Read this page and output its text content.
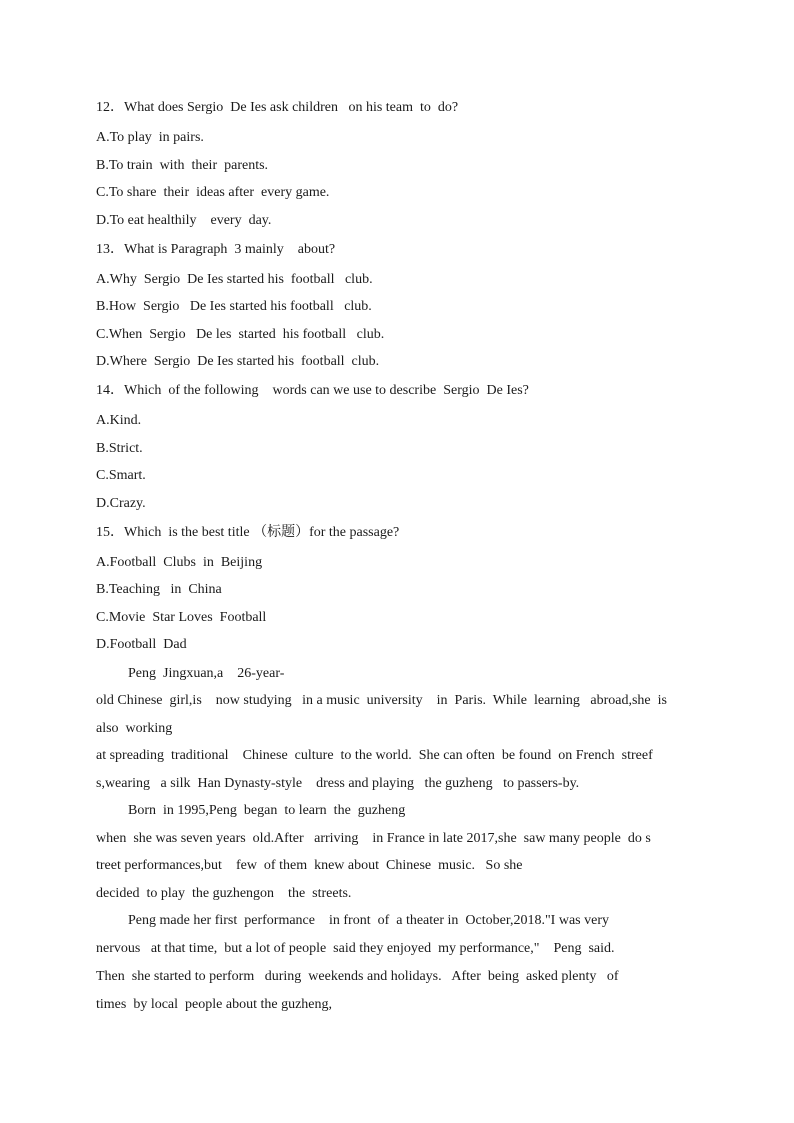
12．What does Sergio  De Ies ask children   on his team  to  do?
A.To play  in pairs.
B.To train  with  their  parents.
C.To share  their  ideas after  every game.
D.To eat healthily    every  day.
13．What is Paragraph  3 mainly    about?
A.Why  Sergio  De Ies started his  football   club.
B.How  Sergio   De Ies started his football   club.
C.When  Sergio   De les  started  his football   club.
D.Where  Sergio  De Ies started his  football  club.
14．Which  of the following    words can we use to describe  Sergio  De Ies?
A.Kind.
B.Strict.
C.Smart.
D.Crazy.
15．Which  is the best title （标题）for the passage?
A.Football  Clubs  in  Beijing
B.Teaching   in  China
C.Movie  Star Loves  Football
D.Football  Dad
Peng  Jingxuan,a    26-year-
old Chinese  girl,is    now studying   in a music  university    in  Paris.  While  learning   abroad,she  is
also  working
at spreading  traditional    Chinese  culture  to the world.  She can often  be found  on French  streef
s,wearing   a silk  Han Dynasty-style    dress and playing   the guzheng   to passers-by.
Born  in 1995,Peng  began  to learn  the  guzheng
when  she was seven years  old.After   arriving    in France in late 2017,she  saw many people  do s
treet performances,but    few  of them  knew about  Chinese  music.   So she
decided  to play  the guzhengon    the  streets.
Peng made her first  performance    in front  of  a theater in  October,2018."I was very
nervous   at that time,  but a lot of people  said they enjoyed  my performance,"    Peng  said.
Then  she started to perform   during  weekends and holidays.   After  being  asked plenty   of
times  by local  people about the guzheng,
